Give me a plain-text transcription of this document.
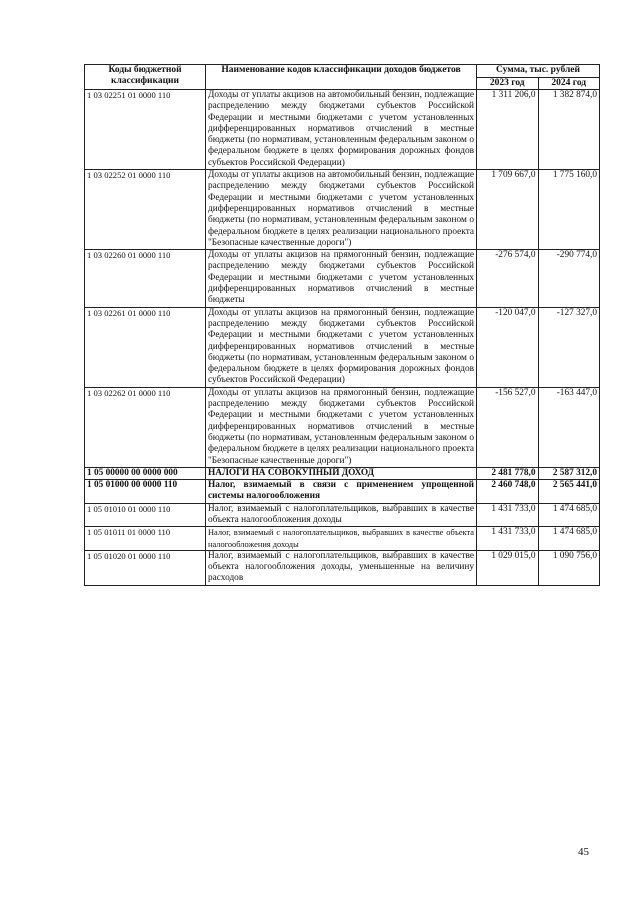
Коды бюджетной классификации	Наименование кодов классификации доходов бюджетов	Сумма, тыс. рублей	
		2023 год	2024 год
1 03 02251 01 0000 110	Доходы от уплаты акцизов на автомобильный бензин, подлежащие распределению между бюджетами субъектов Российской Федерации и местными бюджетами с учетом установленных дифференцированных нормативов отчислений в местные бюджеты (по нормативам, установленным федеральным законом о федеральном бюджете в целях формирования дорожных фондов субъектов Российской Федерации)	1 311 206,0	1 382 874,0
1 03 02252 01 0000 110	Доходы от уплаты акцизов на автомобильный бензин, подлежащие распределению между бюджетами субъектов Российской Федерации и местными бюджетами с учетом установленных дифференцированных нормативов отчислений в местные бюджеты (по нормативам, установленным федеральным законом о федеральном бюджете в целях реализации национального проекта "Безопасные качественные дороги")	1 709 667,0	1 775 160,0
1 03 02260 01 0000 110	Доходы от уплаты акцизов на прямогонный бензин, подлежащие распределению между бюджетами субъектов Российской Федерации и местными бюджетами с учетом установленных дифференцированных нормативов отчислений в местные бюджеты	-276 574,0	-290 774,0
1 03 02261 01 0000 110	Доходы от уплаты акцизов на прямогонный бензин, подлежащие распределению между бюджетами субъектов Российской Федерации и местными бюджетами с учетом установленных дифференцированных нормативов отчислений в местные бюджеты (по нормативам, установленным федеральным законом о федеральном бюджете в целях формирования дорожных фондов субъектов Российской Федерации)	-120 047,0	-127 327,0
1 03 02262 01 0000 110	Доходы от уплаты акцизов на прямогонный бензин, подлежащие распределению между бюджетами субъектов Российской Федерации и местными бюджетами с учетом установленных дифференцированных нормативов отчислений в местные бюджеты (по нормативам, установленным федеральным законом о федеральном бюджете в целях реализации национального проекта "Безопасные качественные дороги")	-156 527,0	-163 447,0
1 05 00000 00 0000 000	НАЛОГИ НА СОВОКУПНЫЙ ДОХОД	2 481 778,0	2 587 312,0
1 05 01000 00 0000 110	Налог, взимаемый в связи с применением упрощенной системы налогообложения	2 460 748,0	2 565 441,0
1 05 01010 01 0000 110	Налог, взимаемый с налогоплательщиков, выбравших в качестве объекта налогообложения доходы	1 431 733,0	1 474 685,0
1 05 01011 01 0000 110	Налог, взимаемый с налогоплательщиков, выбравших в качестве объекта налогообложения доходы	1 431 733,0	1 474 685,0
1 05 01020 01 0000 110	Налог, взимаемый с налогоплательщиков, выбравших в качестве объекта налогообложения доходы, уменьшенные на величину расходов	1 029 015,0	1 090 756,0
45
